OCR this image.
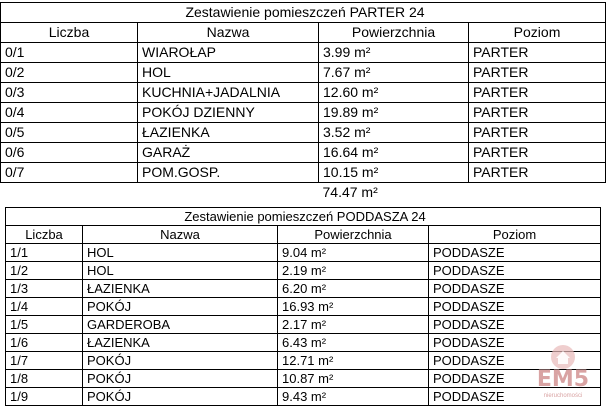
Zestawienie pomieszczeń PARTER 24			
Liczba	Nazwa	Powierzchnia	Poziom
0/1	WIAROŁAP	3.99 m²	PARTER
0/2	HOL	7.67 m²	PARTER
0/3	KUCHNIA+JADALNIA	12.60 m²	PARTER
0/4	POKÓJ DZIENNY	19.89 m²	PARTER
0/5	ŁAZIENKA	3.52 m²	PARTER
0/6	GARAŻ	16.64 m²	PARTER
0/7	POM.GOSP.	10.15 m²	PARTER
		74.47 m²	
Zestawienie pomieszczeń PODDASZA 24			
Liczba	Nazwa	Powierzchnia	Poziom
1/1	HOL	9.04 m²	PODDASZE
1/2	HOL	2.19 m²	PODDASZE
1/3	ŁAZIENKA	6.20 m²	PODDASZE
1/4	POKÓJ	16.93 m²	PODDASZE
1/5	GARDEROBA	2.17 m²	PODDASZE
1/6	ŁAZIENKA	6.43 m²	PODDASZE
1/7	POKÓJ	12.71 m²	PODDASZE
1/8	POKÓJ	10.87 m²	PODDASZE
1/9	POKÓJ	9.43 m²	PODDASZE
EM5
nieruchomości
